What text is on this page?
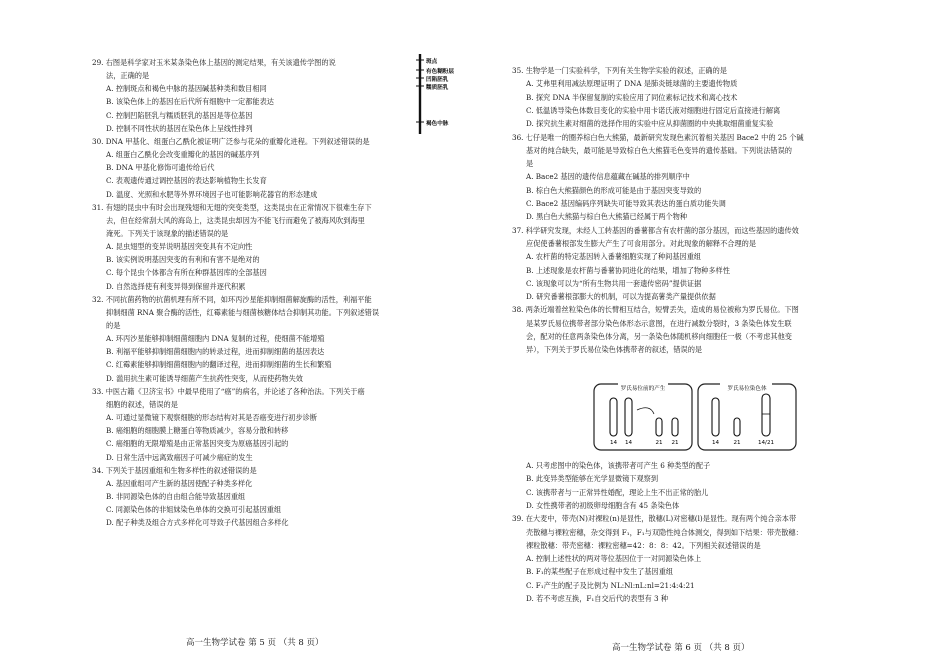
29. 右图是科学家对玉米某条染色体上基因的测定结果，有关该遗传学图的说
法，正确的是
A. 控制斑点和褐色中脉的基因碱基种类和数目相同
B. 该染色体上的基因在后代所有细胞中一定都能表达
C. 控制凹陷胚乳与糯质胚乳的基因是等位基因
D. 控制不同性状的基因在染色体上呈线性排列
30. DNA 甲基化、组蛋白乙酰化被证明广泛参与花朵的重瓣化进程。下列叙述错误的是
A. 组蛋白乙酰化会改变重瓣化的基因的碱基序列
B. DNA 甲基化修饰可遗传给后代
C. 表观遗传通过调控基因的表达影响植物生长发育
D. 温度、光照和水肥等外界环境因子也可能影响花器官的形态建成
31. 有翅的昆虫中有时会出现残翅和无翅的突变类型，这类昆虫在正常情况下很难生存下
去，但在经常刮大风的海岛上，这类昆虫却因为不能飞行而避免了被海风吹到海里
淹死。下列关于该现象的描述错误的是
A. 昆虫翅型的变异说明基因突变具有不定向性
B. 该实例说明基因突变的有利和有害不是绝对的
C. 每个昆虫个体都含有所在种群基因库的全部基因
D. 自然选择使有利变异得到保留并逐代积累
32. 不同抗菌药物的抗菌机理有所不同，如环丙沙星能抑制细菌解旋酶的活性，利福平能
抑制细菌 RNA 聚合酶的活性，红霉素能与细菌核糖体结合抑制其功能。下列叙述错误
的是
A. 环丙沙星能够抑制细菌细胞内 DNA 复制的过程，使细菌不能增殖
B. 利福平能够抑制细菌细胞内的转录过程，进而抑制细菌的基因表达
C. 红霉素能够抑制细菌细胞内的翻译过程，进而抑制细菌的生长和繁殖
D. 滥用抗生素可能诱导细菌产生抗药性突变，从而使药物失效
33. 中医古籍《卫济宝书》中最早使用了“癌”的病名，并论述了各种治法。下列关于癌
细胞的叙述，错误的是
A. 可通过显微镜下观察细胞的形态结构对其是否癌变进行初步诊断
B. 癌细胞的细胞膜上糖蛋白等物质减少，容易分散和转移
C. 癌细胞的无限增殖是由正常基因突变为原癌基因引起的
D. 日常生活中远离致癌因子可减少癌症的发生
34. 下列关于基因重组和生物多样性的叙述错误的是
A. 基因重组可产生新的基因使配子种类多样化
B. 非同源染色体的自由组合能导致基因重组
C. 同源染色体的非姐妹染色单体的交换可引起基因重组
D. 配子种类及组合方式多样化可导致子代基因组合多样化
35. 生物学是一门实验科学，下列有关生物学实验的叙述，正确的是
A. 艾弗里利用减法原理证明了 DNA 是肺炎链球菌的主要遗传物质
B. 探究 DNA 半保留复制的实验应用了同位素标记技术和离心技术
C. 低温诱导染色体数目变化的实验中用卡诺氏液对细胞进行固定后直接进行解离
D. 探究抗生素对细菌的选择作用的实验中应从抑菌圈的中央挑取细菌重复实验
36. 七仔是唯一的圈养棕白色大熊猫，最新研究发现色素沉着相关基因 Bace2 中的 25 个碱
基对的纯合缺失，最可能是导致棕白色大熊猫毛色变异的遗传基础。下列说法错误的
是
A. Bace2 基因的遗传信息蕴藏在碱基的排列顺序中
B. 棕白色大熊猫颜色的形成可能是由于基因突变导致的
C. Bace2 基因编码序列缺失可能导致其表达的蛋白质功能失调
D. 黑白色大熊猫与棕白色大熊猫已经属于两个物种
37. 科学研究发现，未经人工转基因的番薯都含有农杆菌的部分基因，而这些基因的遗传效
应促使番薯根部发生膨大产生了可食用部分。对此现象的解释不合理的是
A. 农杆菌的特定基因转入番薯细胞实现了种间基因重组
B. 上述现象是农杆菌与番薯协同进化的结果，增加了物种多样性
C. 该现象可以为“所有生物共用一套遗传密码”提供证据
D. 研究番薯根部膨大的机制，可以为提高薯类产量提供依据
38. 两条近端着丝粒染色体的长臂相互结合，短臂丢失，造成的易位被称为罗氏易位。下图
是某罗氏易位携带者部分染色体形态示意图，在进行减数分裂时，3 条染色体发生联
会，配对的任意两条染色体分离，另一条染色体随机移向细胞任一极（不考虑其他变
异），下列关于罗氏易位染色体携带者的叙述，错误的是
A. 只考虑图中的染色体，该携带者可产生 6 种类型的配子
B. 此变异类型能够在光学显微镜下观察到
C. 该携带者与一正常异性婚配，理论上生不出正常的胎儿
D. 女性携带者的初级卵母细胞含有 45 条染色体
39. 在大麦中，带壳(N)对裸粒(n)是显性，散穗(L)对密穗(l)是显性。现有两个纯合亲本带
壳散穗与裸粒密穗，杂交得到 F₁，F₁与双隐性纯合体测交，得到如下结果：带壳散穗：
裸粒散穗：带壳密穗：裸粒密穗=42：8：8：42。下列相关叙述错误的是
A. 控制上述性状的两对等位基因位于一对同源染色体上
B. F₁的某些配子在形成过程中发生了基因重组
C. F₁产生的配子及比例为 NL:Nl:nL:nl=21:4:4:21
D. 若不考虑互换，F₁自交后代的表型有 3 种
斑点
有色糊粉层
凹陷胚乳
糯质胚乳
褐色中脉
罗氏易位前的产生	罗氏易位染色体
14 14	21 21	14	21	14/21
高一生物学试卷 第 5 页 （共 8 页）	高一生物学试卷 第 6 页 （共 8 页）
